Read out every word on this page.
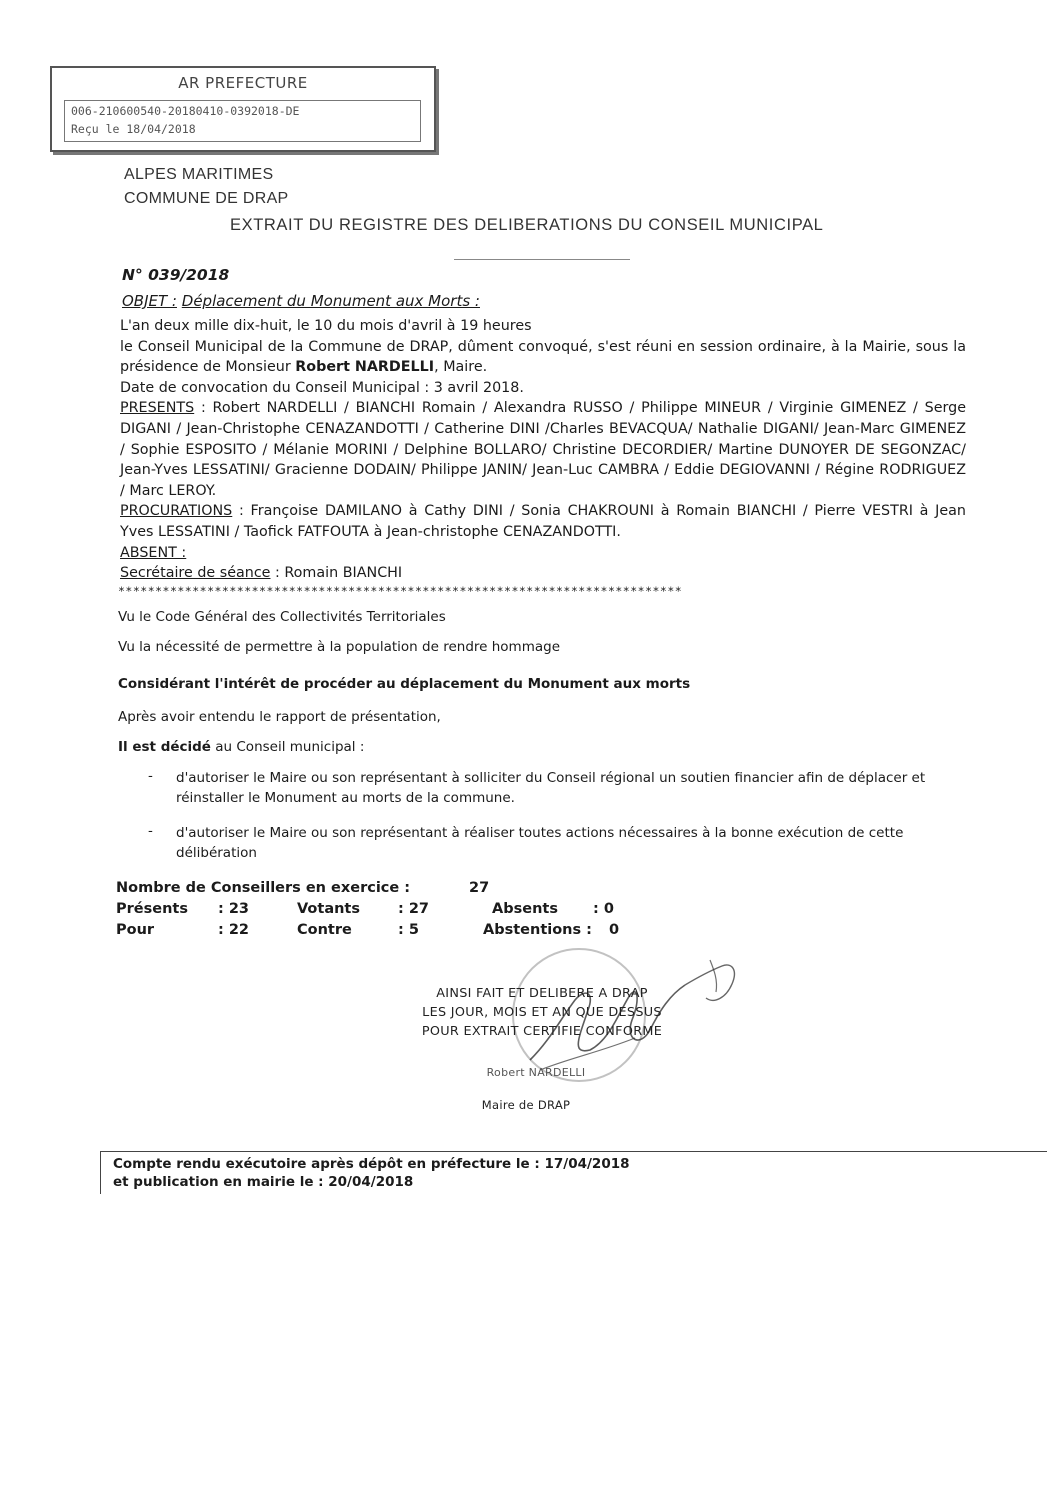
AR PREFECTURE
006-210600540-20180410-0392018-DE
Reçu le 18/04/2018
ALPES MARITIMES
COMMUNE DE DRAP
EXTRAIT DU REGISTRE DES DELIBERATIONS DU CONSEIL MUNICIPAL
N° 039/2018
OBJET : Déplacement du Monument aux Morts :
L'an deux mille dix-huit, le 10 du mois d'avril à 19 heures
le Conseil Municipal de la Commune de DRAP, dûment convoqué, s'est réuni en session ordinaire, à la Mairie, sous la présidence de Monsieur Robert NARDELLI, Maire.
Date de convocation du Conseil Municipal : 3 avril 2018.
PRESENTS : Robert NARDELLI / BIANCHI Romain / Alexandra RUSSO / Philippe MINEUR / Virginie GIMENEZ / Serge DIGANI / Jean-Christophe CENAZANDOTTI / Catherine DINI /Charles BEVACQUA/ Nathalie DIGANI/ Jean-Marc GIMENEZ / Sophie ESPOSITO / Mélanie MORINI / Delphine BOLLARO/ Christine DECORDIER/ Martine DUNOYER DE SEGONZAC/ Jean-Yves LESSATINI/ Gracienne DODAIN/ Philippe JANIN/ Jean-Luc CAMBRA / Eddie DEGIOVANNI / Régine RODRIGUEZ / Marc LEROY.
PROCURATIONS : Françoise DAMILANO à Cathy DINI / Sonia CHAKROUNI à Romain BIANCHI / Pierre VESTRI à Jean Yves LESSATINI / Taofick FATFOUTA à Jean-christophe CENAZANDOTTI.
ABSENT :
Secrétaire de séance : Romain BIANCHI
****************************************************************************
Vu le Code Général des Collectivités Territoriales
Vu la nécessité de permettre à la population de rendre hommage
Considérant l'intérêt de procéder au déplacement du Monument aux morts
Après avoir entendu le rapport de présentation,
Il est décidé au Conseil municipal :
- d'autoriser le Maire ou son représentant à solliciter du Conseil régional un soutien financier afin de déplacer et réinstaller le Monument au morts de la commune.
- d'autoriser le Maire ou son représentant à réaliser toutes actions nécessaires à la bonne exécution de cette délibération
Nombre de Conseillers en exercice :	27
Présents : 23	Votants	: 27	Absents : 0
Pour	: 22	Contre	: 5	Abstentions : 0
AINSI FAIT ET DELIBERE A DRAP
LES JOUR, MOIS ET AN QUE DESSUS
POUR EXTRAIT CERTIFIE CONFORME
Robert NARDELLI
Maire de DRAP
Compte rendu exécutoire après dépôt en préfecture le : 17/04/2018
et publication en mairie le : 20/04/2018
